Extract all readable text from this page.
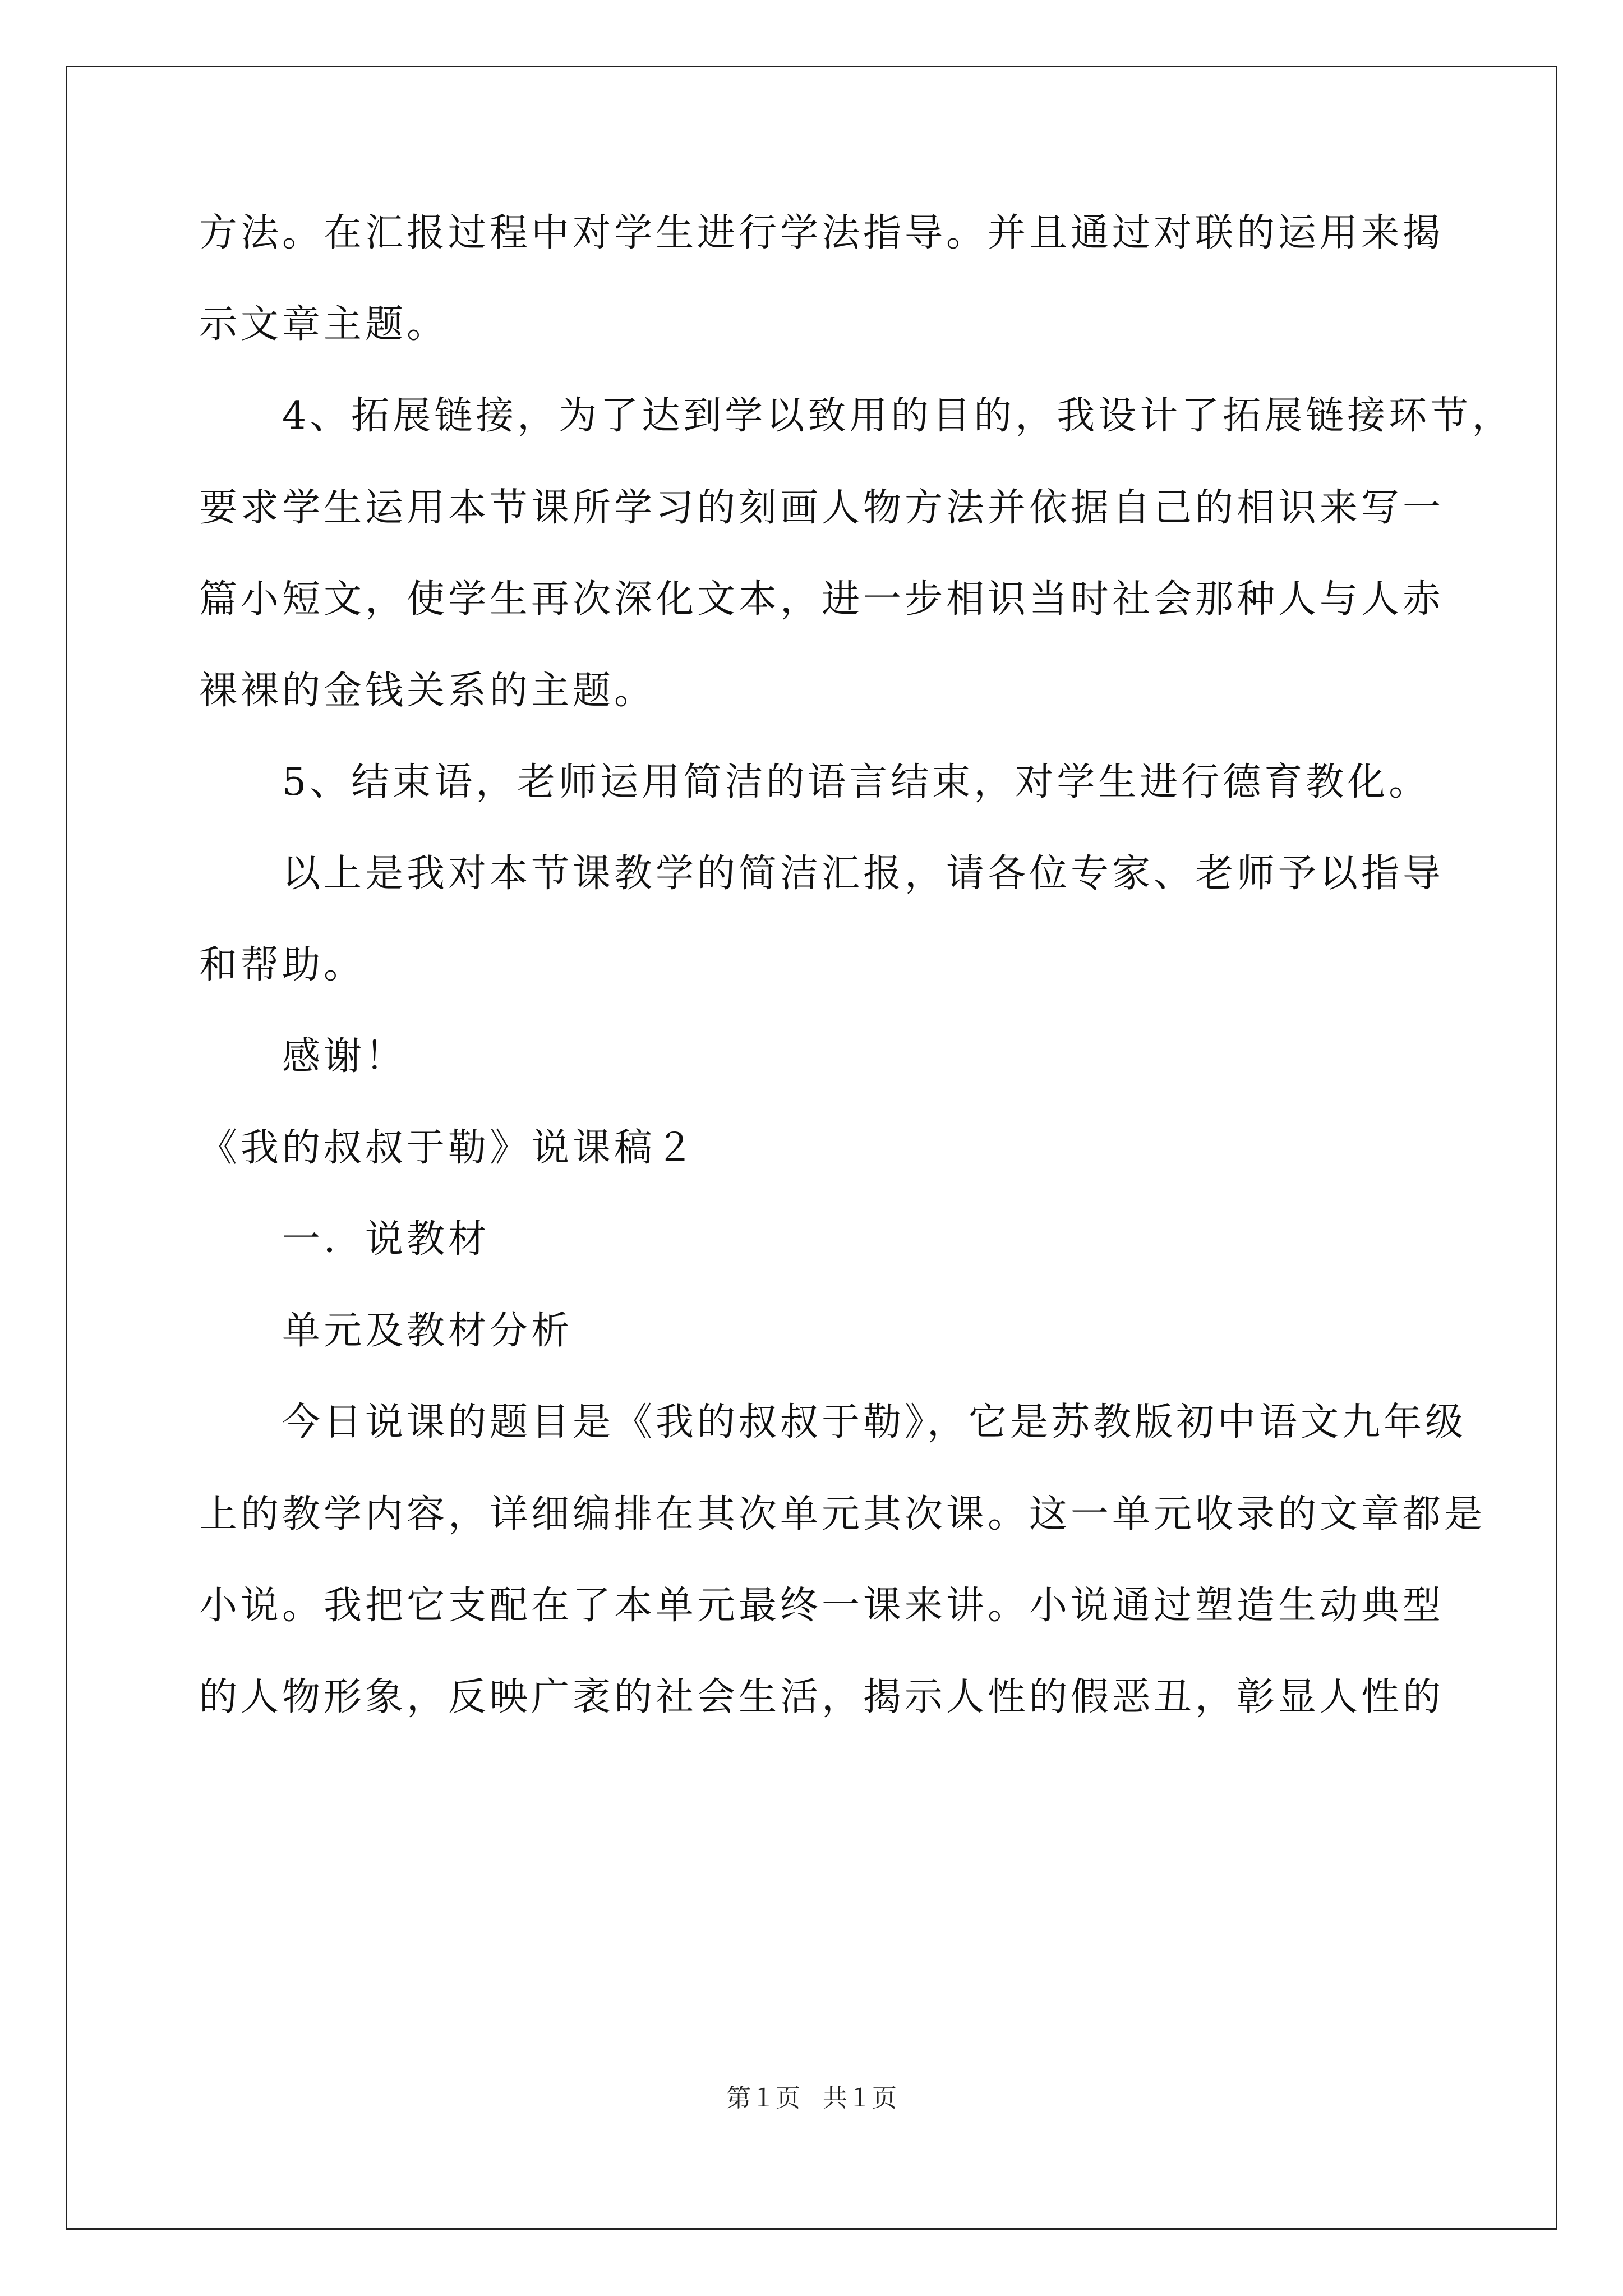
方法。在汇报过程中对学生进行学法指导。并且通过对联的运用来揭
示文章主题。
4、拓展链接，为了达到学以致用的目的，我设计了拓展链接环节，
要求学生运用本节课所学习的刻画人物方法并依据自己的相识来写一
篇小短文，使学生再次深化文本，进一步相识当时社会那种人与人赤
裸裸的金钱关系的主题。
5、结束语，老师运用简洁的语言结束，对学生进行德育教化。
以上是我对本节课教学的简洁汇报，请各位专家、老师予以指导
和帮助。
感谢！
《我的叔叔于勒》说课稿２
一．说教材
单元及教材分析
今日说课的题目是《我的叔叔于勒》，它是苏教版初中语文九年级
上的教学内容，详细编排在其次单元其次课。这一单元收录的文章都是
小说。我把它支配在了本单元最终一课来讲。小说通过塑造生动典型
的人物形象，反映广袤的社会生活，揭示人性的假恶丑，彰显人性的
第１页 共１页
